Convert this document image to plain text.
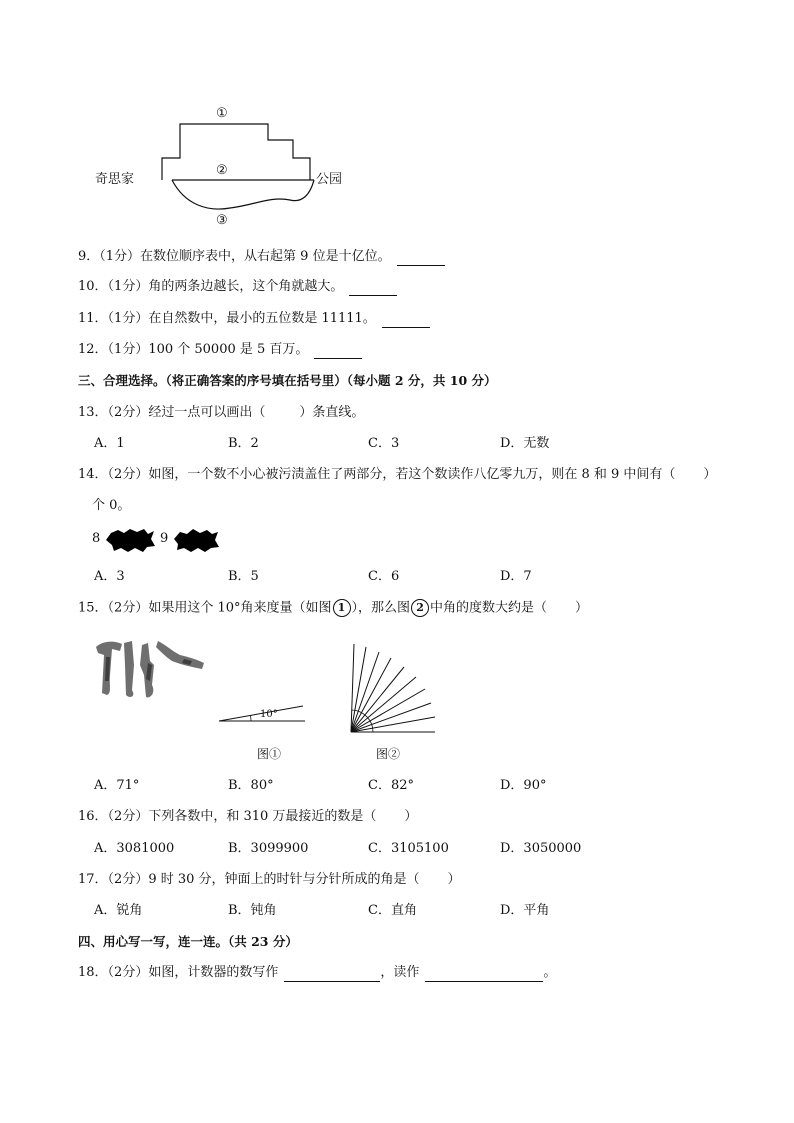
奇思家	公园
①
②
③
9．（1分）在数位顺序表中，从右起第 9 位是十亿位。
10．（1分）角的两条边越长，这个角就越大。
11．（1分）在自然数中，最小的五位数是 11111。
12．（1分）100 个 50000 是 5 百万。
三、合理选择。（将正确答案的序号填在括号里）（每小题 2 分，共 10 分）
13．（2分）经过一点可以画出（	）条直线。
A．1	B．2	C．3	D．无数
14．（2分）如图，一个数不小心被污渍盖住了两部分，若这个数读作八亿零九万，则在 8 和 9 中间有（ ）
个 0。
8	9
A．3	B．5	C．6	D．7
15．（2分）如果用这个 10°角来度量（如图 1 ），那么图 2 中角的度数大约是（ ）
10°
图①	图②
A．71°	B．80°	C．82°	D．90°
16．（2分）下列各数中，和 310 万最接近的数是（ ）
A．3081000	B．3099900	C．3105100	D．3050000
17．（2分）9 时 30 分，钟面上的时针与分针所成的角是（ ）
A．锐角	B．钝角	C．直角	D．平角
四、用心写一写，连一连。（共 23 分）
18．（2分）如图，计数器的数写作	，读作	。
